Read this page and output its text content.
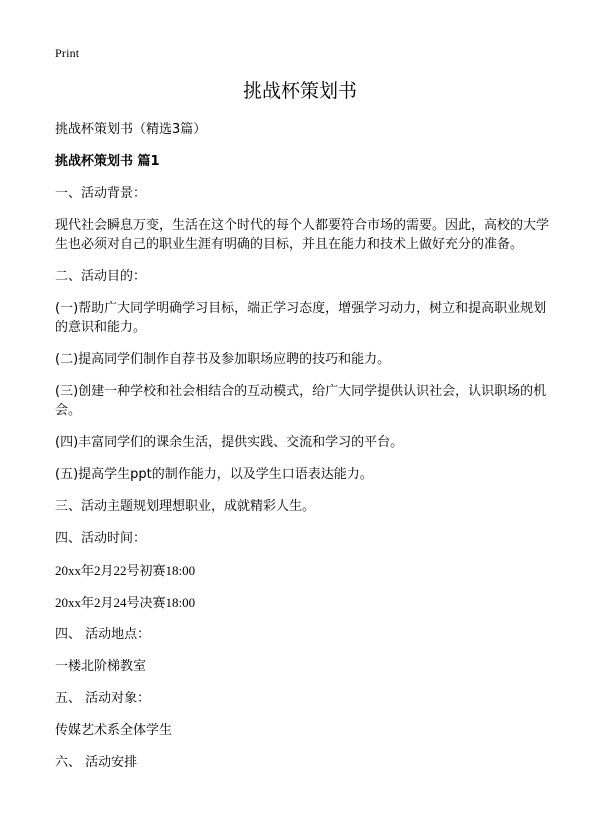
Print
挑战杯策划书

挑战杯策划书（精选3篇）

挑战杯策划书 篇1

一、活动背景：

现代社会瞬息万变，生活在这个时代的每个人都要符合市场的需要。因此，高校的大学生也必须对自己的职业生涯有明确的目标，并且在能力和技术上做好充分的准备。

二、活动目的：

(一)帮助广大同学明确学习目标，端正学习态度，增强学习动力，树立和提高职业规划的意识和能力。

(二)提高同学们制作自荐书及参加职场应聘的技巧和能力。

(三)创建一种学校和社会相结合的互动模式，给广大同学提供认识社会，认识职场的机会。

(四)丰富同学们的课余生活，提供实践、交流和学习的平台。

(五)提高学生ppt的制作能力，以及学生口语表达能力。

三、活动主题规划理想职业，成就精彩人生。

四、活动时间：

20xx年2月22号初赛18:00

20xx年2月24号决赛18:00

四、 活动地点：

一楼北阶梯教室

五、 活动对象：

传媒艺术系全体学生

六、 活动安排
